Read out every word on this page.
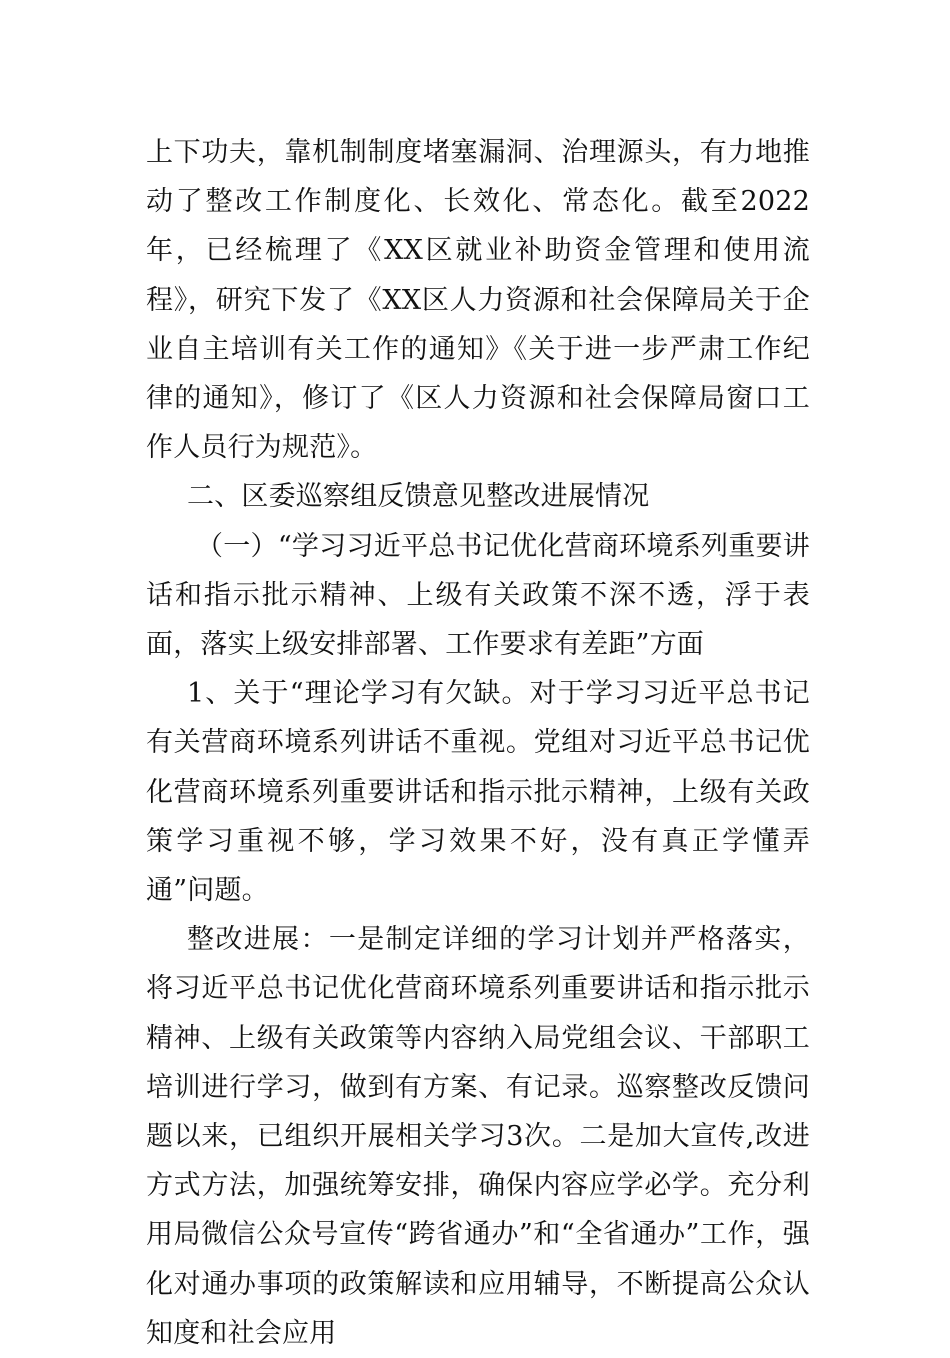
上下功夫，靠机制制度堵塞漏洞、治理源头，有力地推动了整改工作制度化、长效化、常态化。截至2022年，已经梳理了《XX区就业补助资金管理和使用流程》，研究下发了《XX区人力资源和社会保障局关于企业自主培训有关工作的通知》《关于进一步严肃工作纪律的通知》，修订了《区人力资源和社会保障局窗口工作人员行为规范》。

二、区委巡察组反馈意见整改进展情况

（一）“学习习近平总书记优化营商环境系列重要讲话和指示批示精神、上级有关政策不深不透，浮于表面，落实上级安排部署、工作要求有差距”方面

1、关于“理论学习有欠缺。对于学习习近平总书记有关营商环境系列讲话不重视。党组对习近平总书记优化营商环境系列重要讲话和指示批示精神，上级有关政策学习重视不够，学习效果不好，没有真正学懂弄通”问题。

整改进展：一是制定详细的学习计划并严格落实，将习近平总书记优化营商环境系列重要讲话和指示批示精神、上级有关政策等内容纳入局党组会议、干部职工培训进行学习，做到有方案、有记录。巡察整改反馈问题以来，已组织开展相关学习3次。二是加大宣传,改进方式方法，加强统筹安排，确保内容应学必学。充分利用局微信公众号宣传“跨省通办”和“全省通办”工作，强化对通办事项的政策解读和应用辅导，不断提高公众认知度和社会应用
